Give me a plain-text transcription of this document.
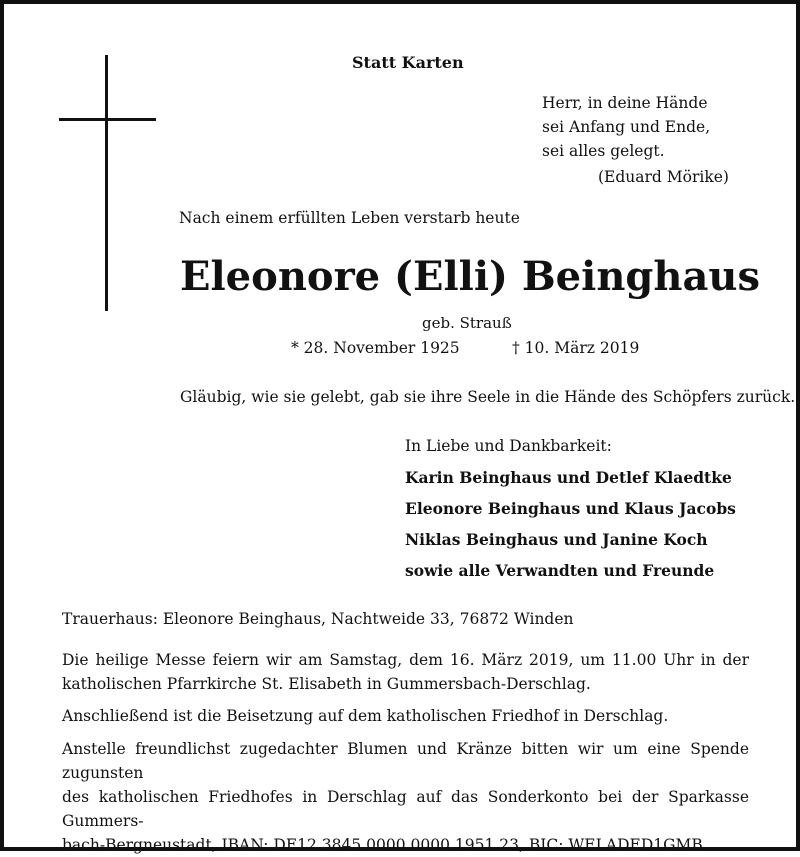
Statt Karten
Herr, in deine Hände
sei Anfang und Ende,
sei alles gelegt.
(Eduard Mörike)
Nach einem erfüllten Leben verstarb heute
Eleonore (Elli) Beinghaus
geb. Strauß
* 28. November 1925	† 10. März 2019
Gläubig, wie sie gelebt, gab sie ihre Seele in die Hände des Schöpfers zurück.
In Liebe und Dankbarkeit:
Karin Beinghaus und Detlef Klaedtke
Eleonore Beinghaus und Klaus Jacobs
Niklas Beinghaus und Janine Koch
sowie alle Verwandten und Freunde
Trauerhaus: Eleonore Beinghaus, Nachtweide 33, 76872 Winden
Die heilige Messe feiern wir am Samstag, dem 16. März 2019, um 11.00 Uhr in der
katholischen Pfarrkirche St. Elisabeth in Gummersbach-Derschlag.
Anschließend ist die Beisetzung auf dem katholischen Friedhof in Derschlag.
Anstelle freundlichst zugedachter Blumen und Kränze bitten wir um eine Spende zugunsten
des katholischen Friedhofes in Derschlag auf das Sonderkonto bei der Sparkasse Gummers-
bach-Bergneustadt, IBAN: DE12 3845 0000 0000 1951 23, BIC: WELADED1GMB.
